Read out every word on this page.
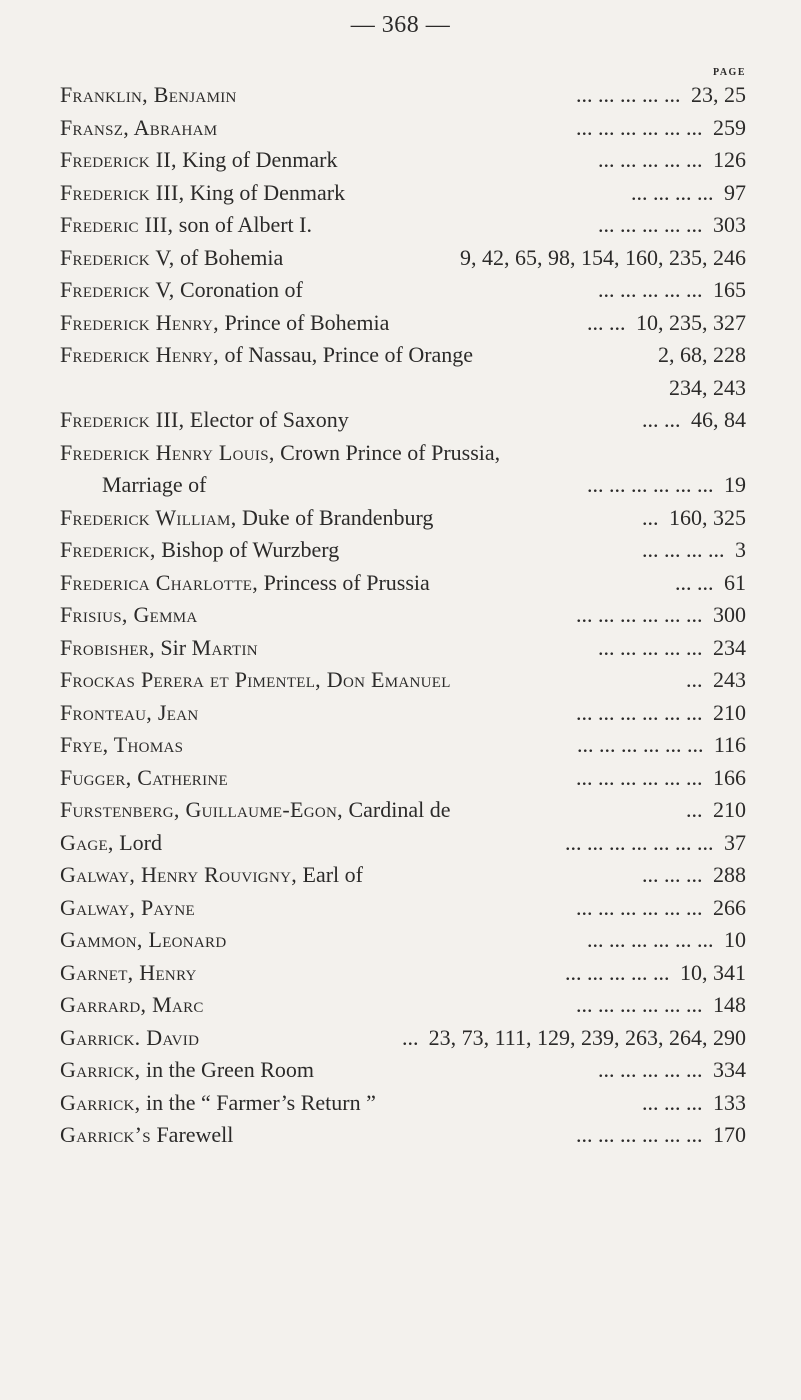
— 368 —
PAGE
Franklin, Benjamin	... ... ... ... ... 23, 25
Fransz, Abraham	... ... ... ... ... ... 259
Frederick II, King of Denmark	... ... ... ... ... 126
Frederick III, King of Denmark	... ... ... ... 97
Frederic III, son of Albert I.	... ... ... ... ... 303
Frederick V, of Bohemia	9, 42, 65, 98, 154, 160, 235, 246
Frederick V, Coronation of	... ... ... ... ... 165
Frederick Henry, Prince of Bohemia	... ... 10, 235, 327
Frederick Henry, of Nassau, Prince of Orange	2, 68, 228
234, 243
Frederick III, Elector of Saxony	... ... 46, 84
Frederick Henry Louis, Crown Prince of Prussia,
Marriage of	... ... ... ... ... ... 19
Frederick William, Duke of Brandenburg	... 160, 325
Frederick, Bishop of Wurzberg	... ... ... ... 3
Frederica Charlotte, Princess of Prussia	... ... 61
Frisius, Gemma	... ... ... ... ... ... 300
Frobisher, Sir Martin	... ... ... ... ... 234
Frockas Perera et Pimentel, Don Emanuel	... 243
Fronteau, Jean	... ... ... ... ... ... 210
Frye, Thomas	... ... ... ... ... ... 116
Fugger, Catherine	... ... ... ... ... ... 166
Furstenberg, Guillaume-Egon, Cardinal de	... 210
Gage, Lord	... ... ... ... ... ... ... 37
Galway, Henry Rouvigny, Earl of	... ... ... 288
Galway, Payne	... ... ... ... ... ... 266
Gammon, Leonard	... ... ... ... ... ... 10
Garnet, Henry	... ... ... ... ... 10, 341
Garrard, Marc	... ... ... ... ... ... 148
Garrick. David	... 23, 73, 111, 129, 239, 263, 264, 290
Garrick, in the Green Room	... ... ... ... ... 334
Garrick, in the “ Farmer’s Return ”	... ... ... 133
Garrick’s Farewell	... ... ... ... ... ... 170
